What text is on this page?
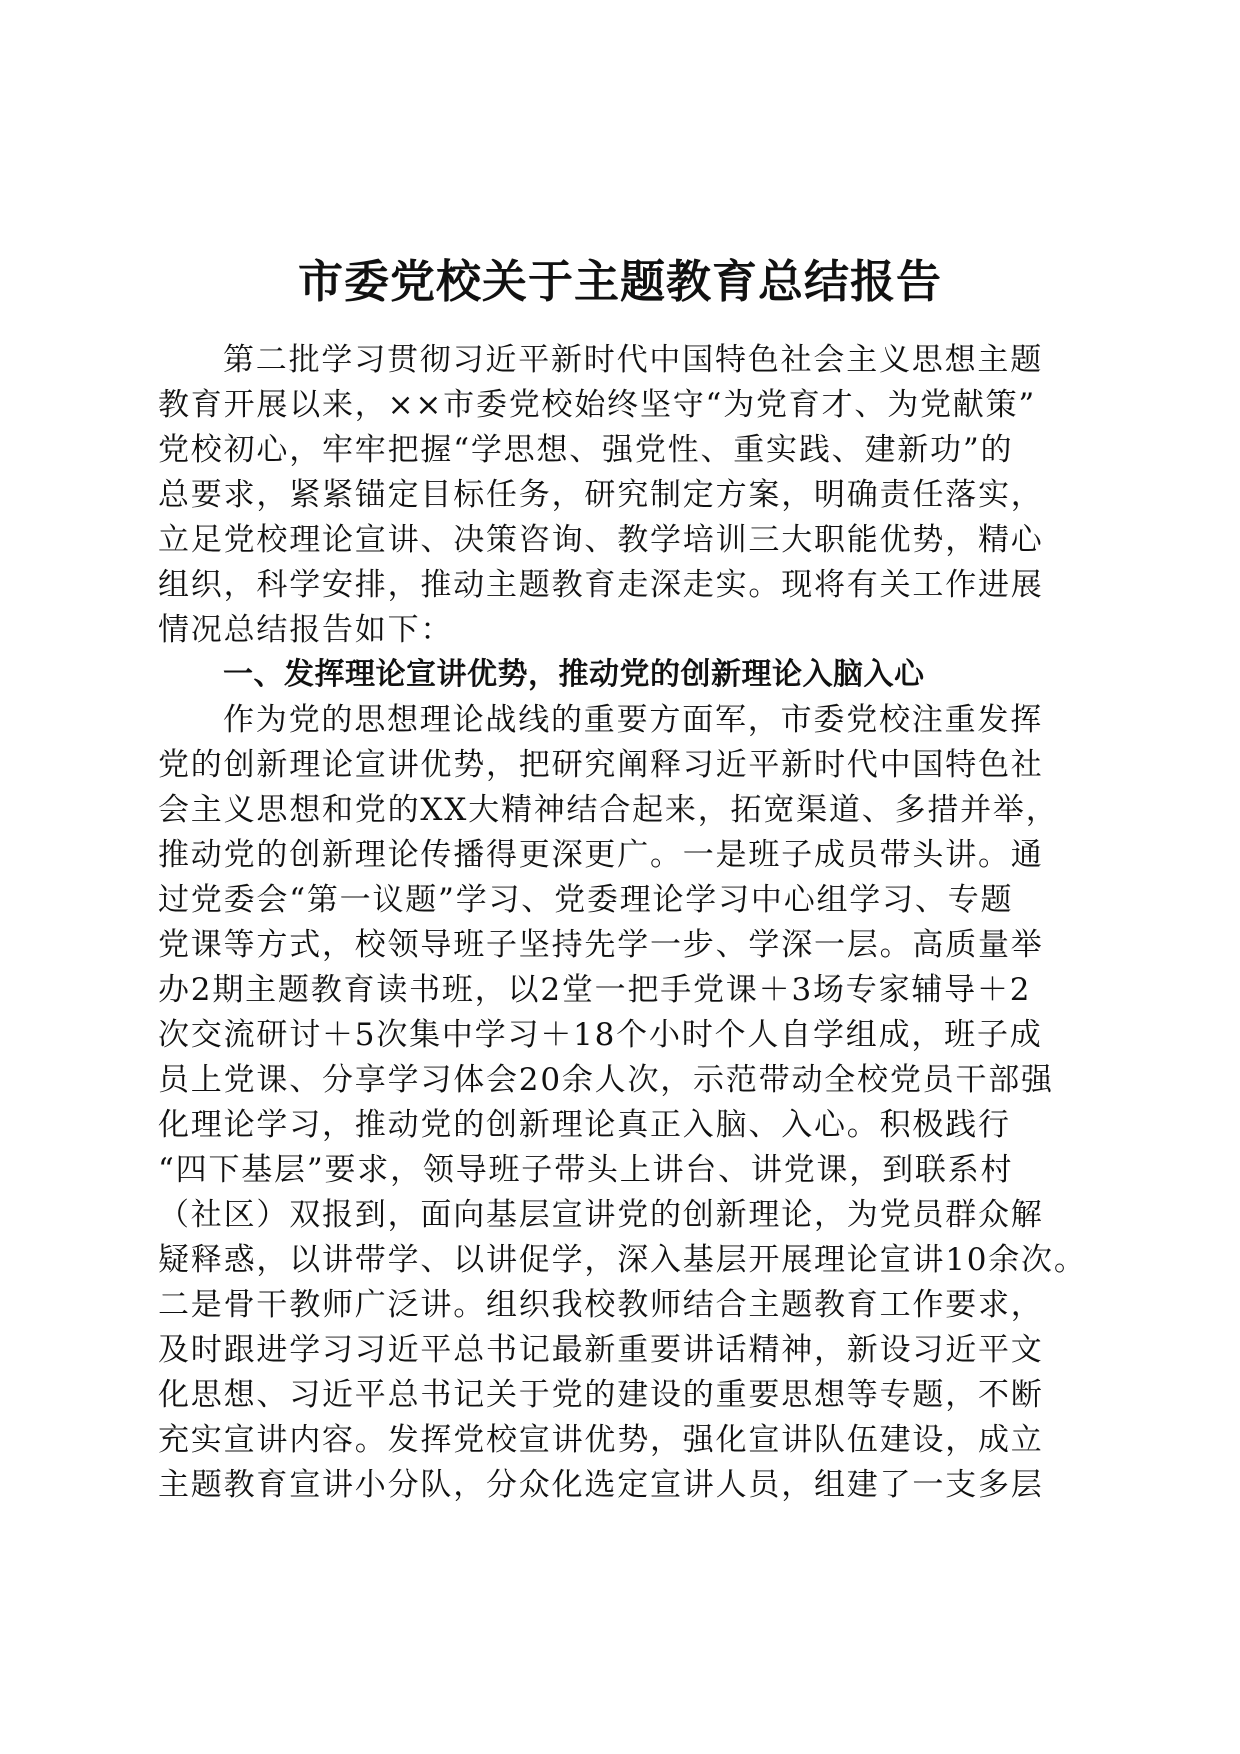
市委党校关于主题教育总结报告
第二批学习贯彻习近平新时代中国特色社会主义思想主题
教育开展以来，××市委党校始终坚守“为党育才、为党献策”
党校初心，牢牢把握“学思想、强党性、重实践、建新功”的
总要求，紧紧锚定目标任务，研究制定方案，明确责任落实，
立足党校理论宣讲、决策咨询、教学培训三大职能优势，精心
组织，科学安排，推动主题教育走深走实。现将有关工作进展
情况总结报告如下：
一、发挥理论宣讲优势，推动党的创新理论入脑入心
作为党的思想理论战线的重要方面军，市委党校注重发挥
党的创新理论宣讲优势，把研究阐释习近平新时代中国特色社
会主义思想和党的XX大精神结合起来，拓宽渠道、多措并举，
推动党的创新理论传播得更深更广。一是班子成员带头讲。通
过党委会“第一议题”学习、党委理论学习中心组学习、专题
党课等方式，校领导班子坚持先学一步、学深一层。高质量举
办2期主题教育读书班，以2堂一把手党课＋3场专家辅导＋2
次交流研讨＋5次集中学习＋18个小时个人自学组成，班子成
员上党课、分享学习体会20余人次，示范带动全校党员干部强
化理论学习，推动党的创新理论真正入脑、入心。积极践行
“四下基层”要求，领导班子带头上讲台、讲党课，到联系村
（社区）双报到，面向基层宣讲党的创新理论，为党员群众解
疑释惑，以讲带学、以讲促学，深入基层开展理论宣讲10余次。
二是骨干教师广泛讲。组织我校教师结合主题教育工作要求，
及时跟进学习习近平总书记最新重要讲话精神，新设习近平文
化思想、习近平总书记关于党的建设的重要思想等专题，不断
充实宣讲内容。发挥党校宣讲优势，强化宣讲队伍建设，成立
主题教育宣讲小分队，分众化选定宣讲人员，组建了一支多层
